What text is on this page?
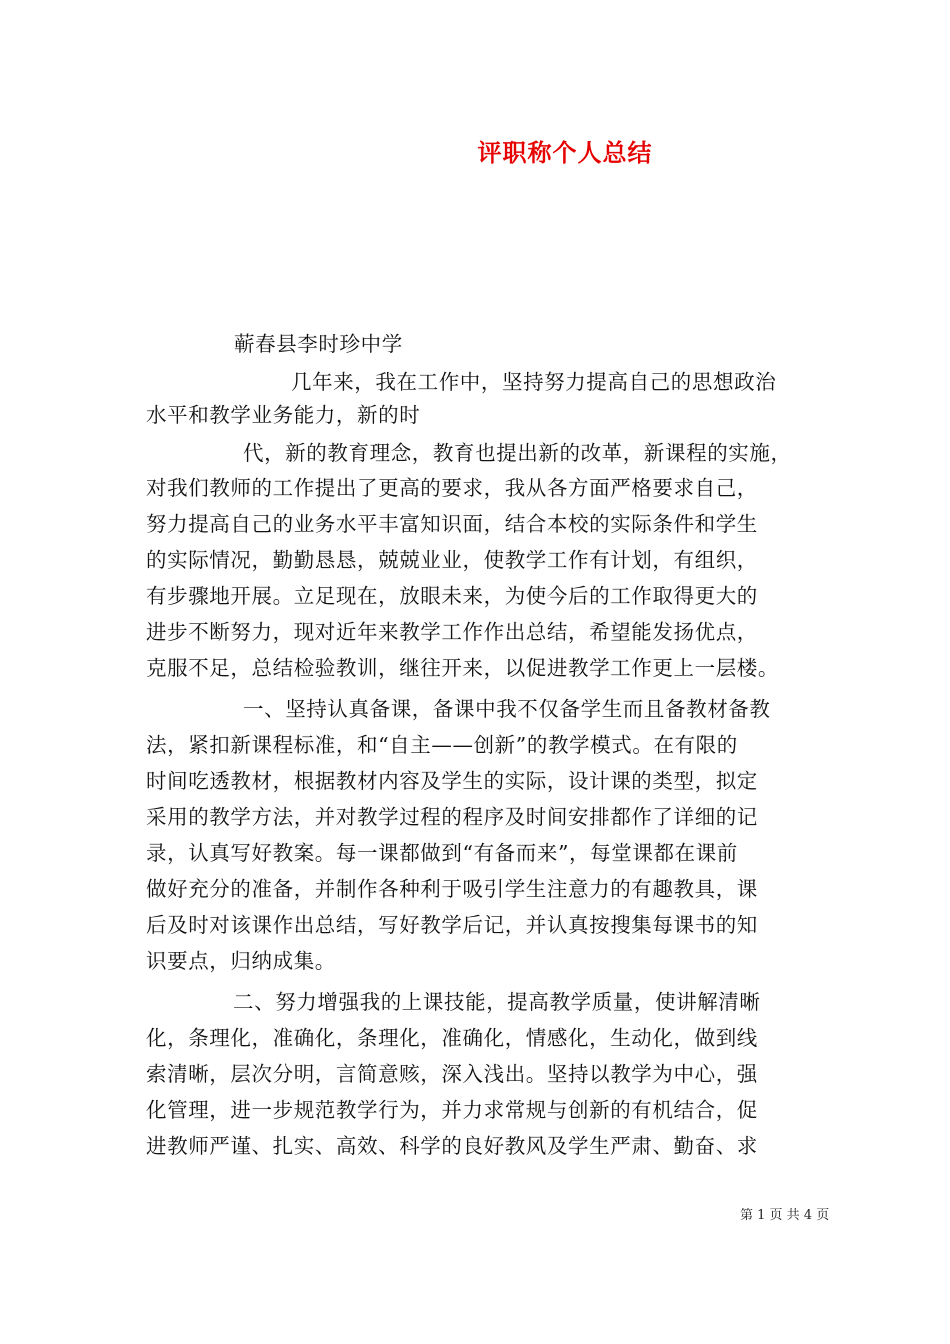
评职称个人总结
蕲春县李时珍中学
几年来，我在工作中，坚持努力提高自己的思想政治
水平和教学业务能力，新的时
代，新的教育理念，教育也提出新的改革，新课程的实施，
对我们教师的工作提出了更高的要求，我从各方面严格要求自己，
努力提高自己的业务水平丰富知识面，结合本校的实际条件和学生
的实际情况，勤勤恳恳，兢兢业业，使教学工作有计划，有组织，
有步骤地开展。立足现在，放眼未来，为使今后的工作取得更大的
进步不断努力，现对近年来教学工作作出总结，希望能发扬优点，
克服不足，总结检验教训，继往开来，以促进教学工作更上一层楼。
一、坚持认真备课，备课中我不仅备学生而且备教材备教
法，紧扣新课程标准，和“自主——创新”的教学模式。在有限的
时间吃透教材，根据教材内容及学生的实际，设计课的类型，拟定
采用的教学方法，并对教学过程的程序及时间安排都作了详细的记
录，认真写好教案。每一课都做到“有备而来”，每堂课都在课前
做好充分的准备，并制作各种利于吸引学生注意力的有趣教具，课
后及时对该课作出总结，写好教学后记，并认真按搜集每课书的知
识要点，归纳成集。
二、努力增强我的上课技能，提高教学质量，使讲解清晰
化，条理化，准确化，条理化，准确化，情感化，生动化，做到线
索清晰，层次分明，言简意赅，深入浅出。坚持以教学为中心，强
化管理，进一步规范教学行为，并力求常规与创新的有机结合，促
进教师严谨、扎实、高效、科学的良好教风及学生严肃、勤奋、求
第 1 页 共 4 页
